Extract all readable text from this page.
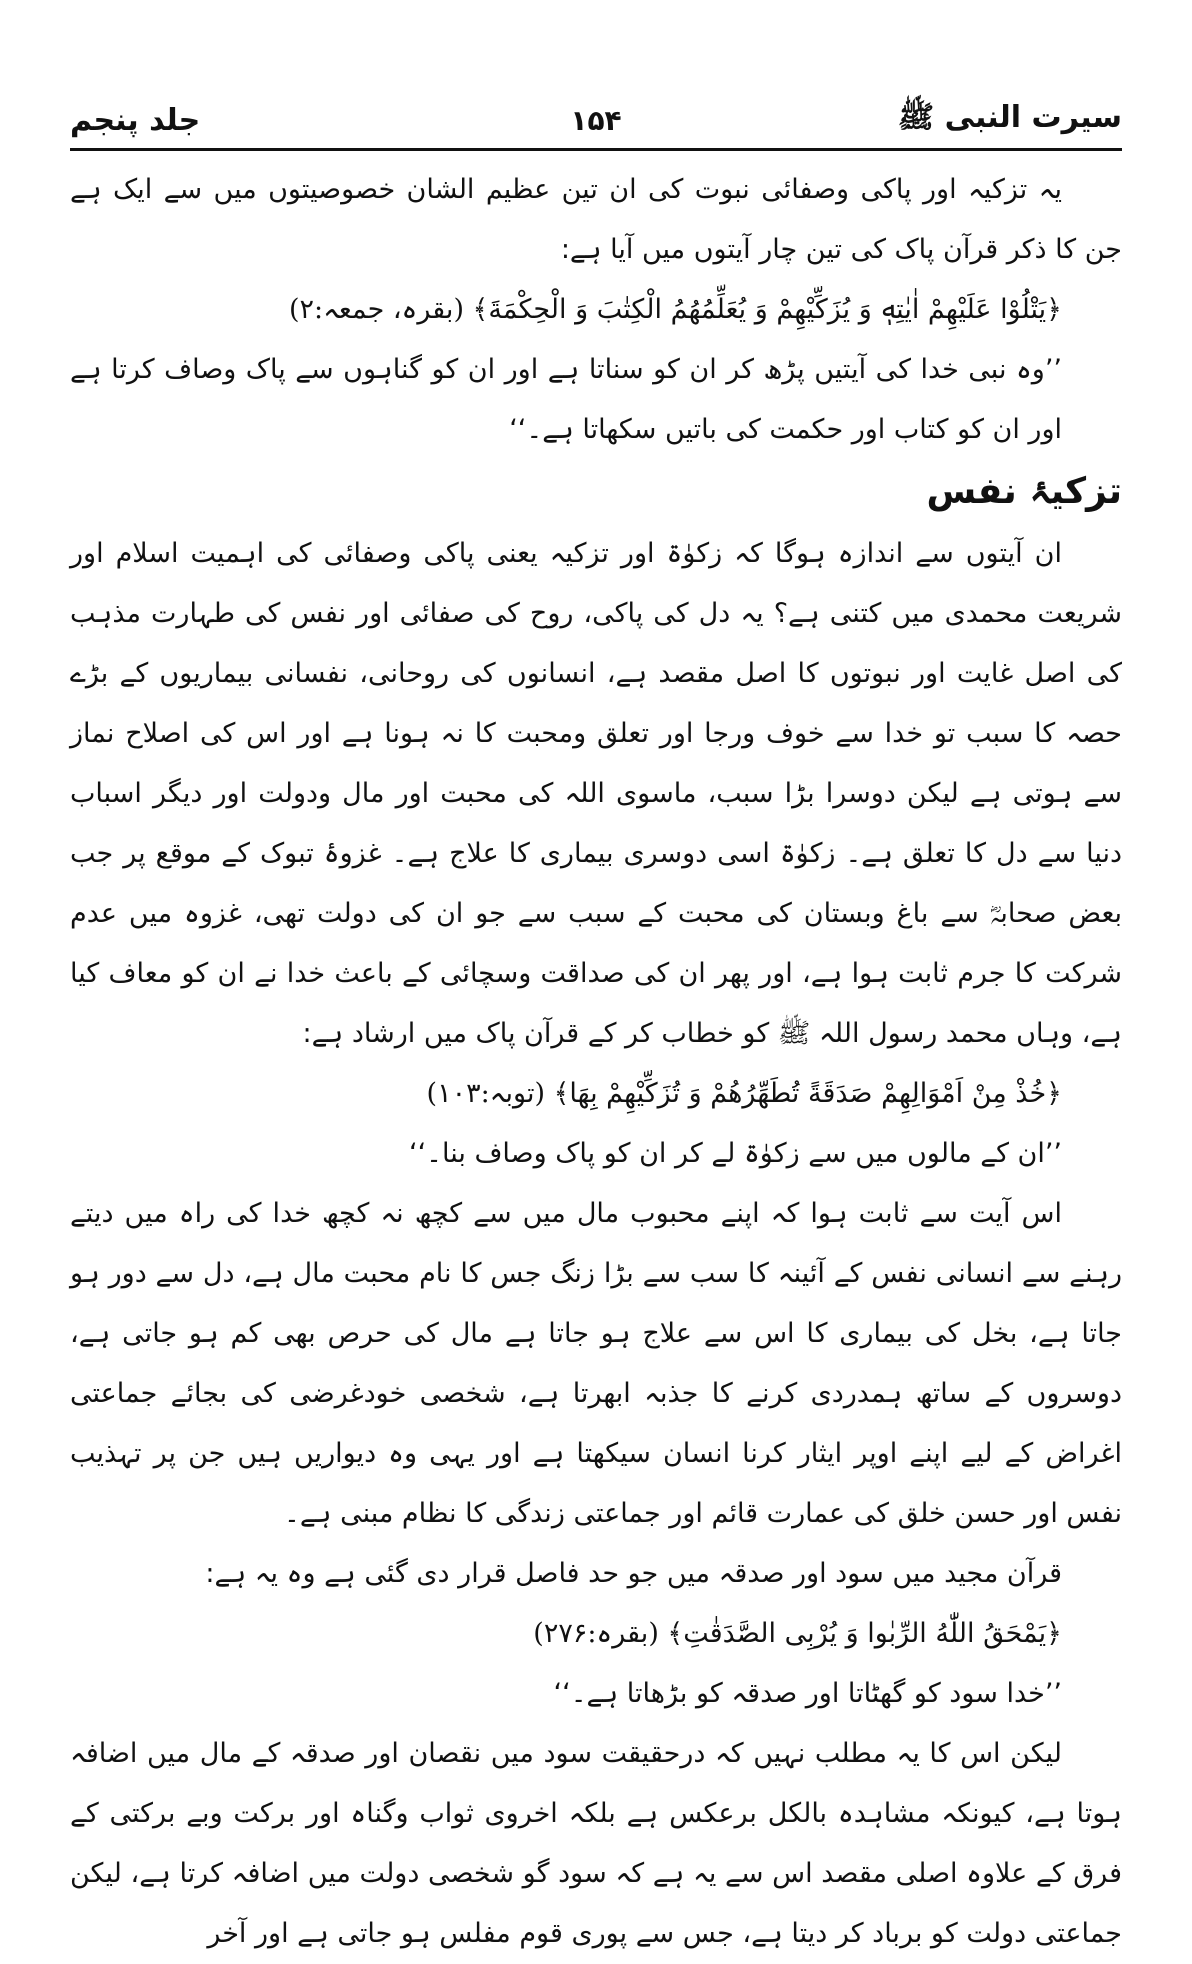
سیرت النبی ﷺ
۱۵۴
جلد پنجم

یہ تزکیہ اور پاکی وصفائی نبوت کی ان تین عظیم الشان خصوصیتوں میں سے ایک ہے جن کا ذکر قرآن پاک کی تین چار آیتوں میں آیا ہے:

﴿یَتْلُوْا عَلَیْهِمْ اٰیٰتِهٖ وَ یُزَكِّیْهِمْ وَ یُعَلِّمُهُمُ الْكِتٰبَ وَ الْحِكْمَةَ﴾ (بقرہ، جمعہ:۲)

’’وہ نبی خدا کی آیتیں پڑھ کر ان کو سناتا ہے اور ان کو گناہوں سے پاک وصاف کرتا ہے اور ان کو کتاب اور حکمت کی باتیں سکھاتا ہے۔‘‘

تزکیۂ نفس

ان آیتوں سے اندازہ ہوگا کہ زکوٰۃ اور تزکیہ یعنی پاکی وصفائی کی اہمیت اسلام اور شریعت محمدی میں کتنی ہے؟ یہ دل کی پاکی، روح کی صفائی اور نفس کی طہارت مذہب کی اصل غایت اور نبوتوں کا اصل مقصد ہے، انسانوں کی روحانی، نفسانی بیماریوں کے بڑے حصہ کا سبب تو خدا سے خوف ورجا اور تعلق ومحبت کا نہ ہونا ہے اور اس کی اصلاح نماز سے ہوتی ہے لیکن دوسرا بڑا سبب، ماسوی اللہ کی محبت اور مال ودولت اور دیگر اسباب دنیا سے دل کا تعلق ہے۔ زکوٰۃ اسی دوسری بیماری کا علاج ہے۔ غزوۂ تبوک کے موقع پر جب بعض صحابہؓ سے باغ وبستان کی محبت کے سبب سے جو ان کی دولت تھی، غزوہ میں عدم شرکت کا جرم ثابت ہوا ہے، اور پھر ان کی صداقت وسچائی کے باعث خدا نے ان کو معاف کیا ہے، وہاں محمد رسول اللہ ﷺ کو خطاب کر کے قرآن پاک میں ارشاد ہے:

﴿خُذْ مِنْ اَمْوَالِهِمْ صَدَقَةً تُطَهِّرُهُمْ وَ تُزَكِّیْهِمْ بِهَا﴾ (توبہ:۱۰۳)

’’ان کے مالوں میں سے زکوٰۃ لے کر ان کو پاک وصاف بنا۔‘‘

اس آیت سے ثابت ہوا کہ اپنے محبوب مال میں سے کچھ نہ کچھ خدا کی راہ میں دیتے رہنے سے انسانی نفس کے آئینہ کا سب سے بڑا زنگ جس کا نام محبت مال ہے، دل سے دور ہو جاتا ہے، بخل کی بیماری کا اس سے علاج ہو جاتا ہے مال کی حرص بھی کم ہو جاتی ہے، دوسروں کے ساتھ ہمدردی کرنے کا جذبہ ابھرتا ہے، شخصی خودغرضی کی بجائے جماعتی اغراض کے لیے اپنے اوپر ایثار کرنا انسان سیکھتا ہے اور یہی وہ دیواریں ہیں جن پر تہذیب نفس اور حسن خلق کی عمارت قائم اور جماعتی زندگی کا نظام مبنی ہے۔

قرآن مجید میں سود اور صدقہ میں جو حد فاصل قرار دی گئی ہے وہ یہ ہے:

﴿یَمْحَقُ اللّٰهُ الرِّبٰوا وَ یُرْبِی الصَّدَقٰتِ﴾ (بقرہ:۲۷۶)

’’خدا سود کو گھٹاتا اور صدقہ کو بڑھاتا ہے۔‘‘

لیکن اس کا یہ مطلب نہیں کہ درحقیقت سود میں نقصان اور صدقہ کے مال میں اضافہ ہوتا ہے، کیونکہ مشاہدہ بالکل برعکس ہے بلکہ اخروی ثواب وگناہ اور برکت وبے برکتی کے فرق کے علاوہ اصلی مقصد اس سے یہ ہے کہ سود گو شخصی دولت میں اضافہ کرتا ہے، لیکن جماعتی دولت کو برباد کر دیتا ہے، جس سے پوری قوم مفلس ہو جاتی ہے اور آخر
